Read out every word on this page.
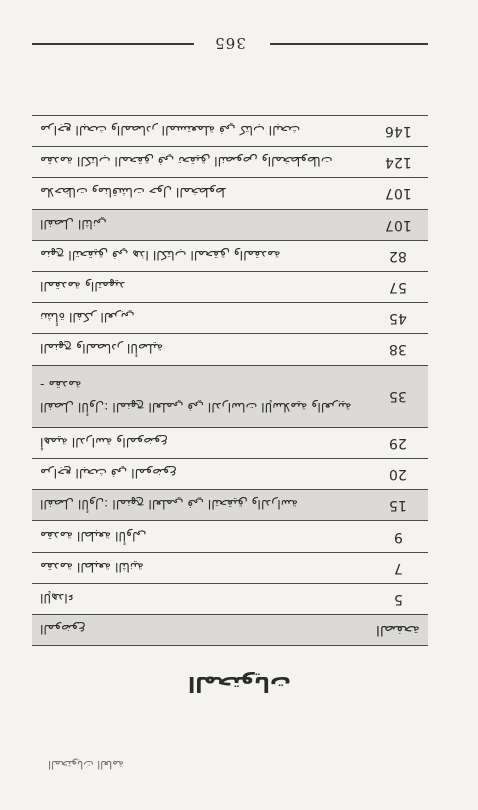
365
مراجع البحث والمصادر المستعملة في كتاب البحث	146
مقدمة الكتاب المحقق في تحقيق النصوص والمخطوطات	124
ملاحظات ومناقشات حول المخطوط	107
الفصل الثاني	107
منهج التحقيق في هذا الكتاب المحقق والمقدمة	82
المقدمة والتمهيد	57
نشأة الفكر العربي	45
المنهج والمصادر الأصلية	38
الفصل الأول: المنهج العلمي في الدراسات الإسلامية والعربية - مقدمة	35
أهمية الدراسة والموضوع	29
مراجع البحث في الموضوع	20
الفصل الأول: المنهج العلمي في التحقيق والدراسة	15
مقدمة الطبعة الأولى	9
مقدمة الطبعة الثانية	7
الإهداء	5
الموضوع	الصفحة
المحتويات
المحتويات العامة
